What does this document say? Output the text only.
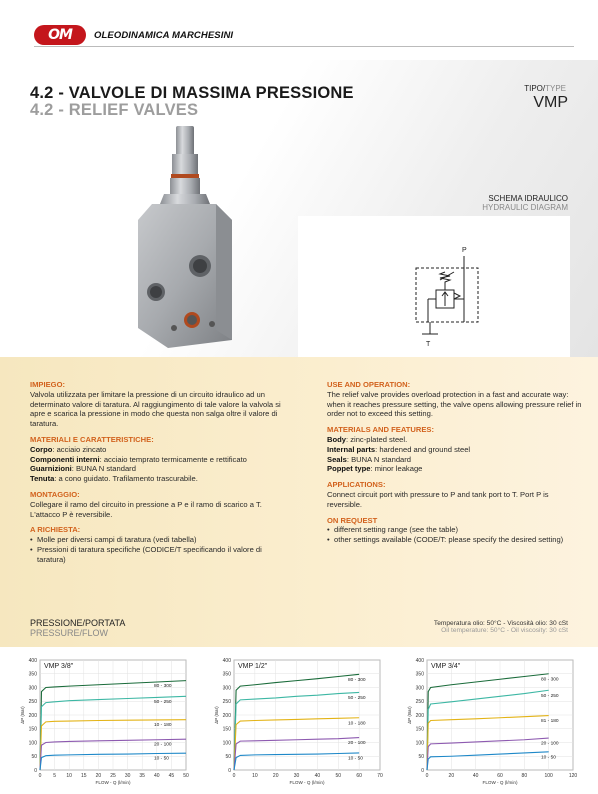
OM	OLEODINAMICA MARCHESINI
4.2 - VALVOLE DI MASSIMA PRESSIONE
4.2 - RELIEF VALVES
TIPO/TYPE
VMP
SCHEMA IDRAULICO
HYDRAULIC DIAGRAM
P
T
IMPIEGO:

Valvola utilizzata per limitare la pressione di un circuito idraulico ad un determinato valore di taratura. Al raggiungimento di tale valore la valvola si apre e scarica la pressione in modo che questa non salga oltre il valore di taratura.

MATERIALI E CARATTERISTICHE:

Corpo: acciaio zincato

Componenti interni: acciaio temprato termicamente e rettificato

Guarnizioni: BUNA N standard

Tenuta: a cono guidato. Trafilamento trascurabile.

MONTAGGIO:

Collegare il ramo del circuito in pressione a P e il ramo di scarico a T. L'attacco P è reversibile.

A RICHIESTA:
• Molle per diversi campi di taratura (vedi tabella)
• Pressioni di taratura specifiche (CODICE/T specificando il valore di taratura)
USE AND OPERATION:

The relief valve provides overload protection in a fast and accurate way: when it reaches pressure setting, the valve opens allowing pressure relief in order not to exceed this setting.

MATERIALS AND FEATURES:

Body: zinc-plated steel.

Internal parts: hardened and ground steel

Seals: BUNA N standard

Poppet type: minor leakage

APPLICATIONS:

Connect circuit port with pressure to P and tank port to T. Port P is reversible.

ON REQUEST
• different setting range (see the table)
• other settings available (CODE/T: please specify the desired setting)
PRESSIONE/PORTATA
PRESSURE/FLOW
Temperatura olio: 50°C - Viscosità olio: 30 cSt
Oil temperature: 50°C - Oil viscosity: 30 cSt
0
50
100
150
200
250
300
350
400
0 5 10 15 20 25 30 35 40 45 50
VMP 3/8"
FLOW - Q (l/min)
∆P (Bar)
80 - 300
50 - 250
10 - 180
20 - 100
10 - 50
0
50
100
150
200
250
300
350
400
0	10	20	30	40	50	60	70
VMP 1/2"
FLOW - Q (l/min)
∆P (Bar)
80 - 300
50 - 250
10 - 180
20 - 100
10 - 50
0
50
100
150
200
250
300
350
400
0	20	40	60	80	100	120
VMP 3/4"
FLOW - Q (l/min)
∆P (Bar)
80 - 300
50 - 250
81 - 180
20 - 100
10 - 50
